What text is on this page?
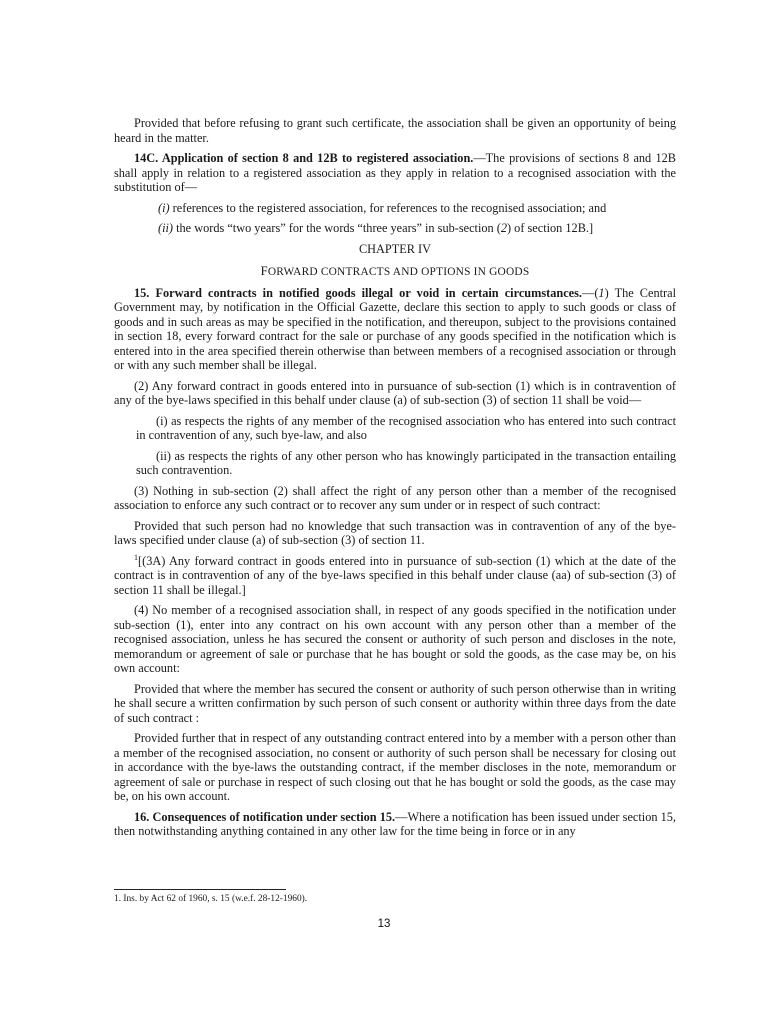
Provided that before refusing to grant such certificate, the association shall be given an opportunity of being heard in the matter.

14C. Application of section 8 and 12B to registered association.—The provisions of sections 8 and 12B shall apply in relation to a registered association as they apply in relation to a recognised association with the substitution of—

(i) references to the registered association, for references to the recognised association; and

(ii) the words “two years” for the words “three years” in sub-section (2) of section 12B.]

CHAPTER IV

FORWARD CONTRACTS AND OPTIONS IN GOODS

15. Forward contracts in notified goods illegal or void in certain circumstances.—(1) The Central Government may, by notification in the Official Gazette, declare this section to apply to such goods or class of goods and in such areas as may be specified in the notification, and thereupon, subject to the provisions contained in section 18, every forward contract for the sale or purchase of any goods specified in the notification which is entered into in the area specified therein otherwise than between members of a recognised association or through or with any such member shall be illegal.

(2) Any forward contract in goods entered into in pursuance of sub-section (1) which is in contravention of any of the bye-laws specified in this behalf under clause (a) of sub-section (3) of section 11 shall be void—

(i) as respects the rights of any member of the recognised association who has entered into such contract in contravention of any, such bye-law, and also

(ii) as respects the rights of any other person who has knowingly participated in the transaction entailing such contravention.

(3) Nothing in sub-section (2) shall affect the right of any person other than a member of the recognised association to enforce any such contract or to recover any sum under or in respect of such contract:

Provided that such person had no knowledge that such transaction was in contravention of any of the bye-laws specified under clause (a) of sub-section (3) of section 11.

$^1$[(3A) Any forward contract in goods entered into in pursuance of sub-section (1) which at the date of the contract is in contravention of any of the bye-laws specified in this behalf under clause (aa) of sub-section (3) of section 11 shall be illegal.]

(4) No member of a recognised association shall, in respect of any goods specified in the notification under sub-section (1), enter into any contract on his own account with any person other than a member of the recognised association, unless he has secured the consent or authority of such person and discloses in the note, memorandum or agreement of sale or purchase that he has bought or sold the goods, as the case may be, on his own account:

Provided that where the member has secured the consent or authority of such person otherwise than in writing he shall secure a written confirmation by such person of such consent or authority within three days from the date of such contract :

Provided further that in respect of any outstanding contract entered into by a member with a person other than a member of the recognised association, no consent or authority of such person shall be necessary for closing out in accordance with the bye-laws the outstanding contract, if the member discloses in the note, memorandum or agreement of sale or purchase in respect of such closing out that he has bought or sold the goods, as the case may be, on his own account.

16. Consequences of notification under section 15.—Where a notification has been issued under section 15, then notwithstanding anything contained in any other law for the time being in force or in any

1. Ins. by Act 62 of 1960, s. 15 (w.e.f. 28-12-1960).
13
